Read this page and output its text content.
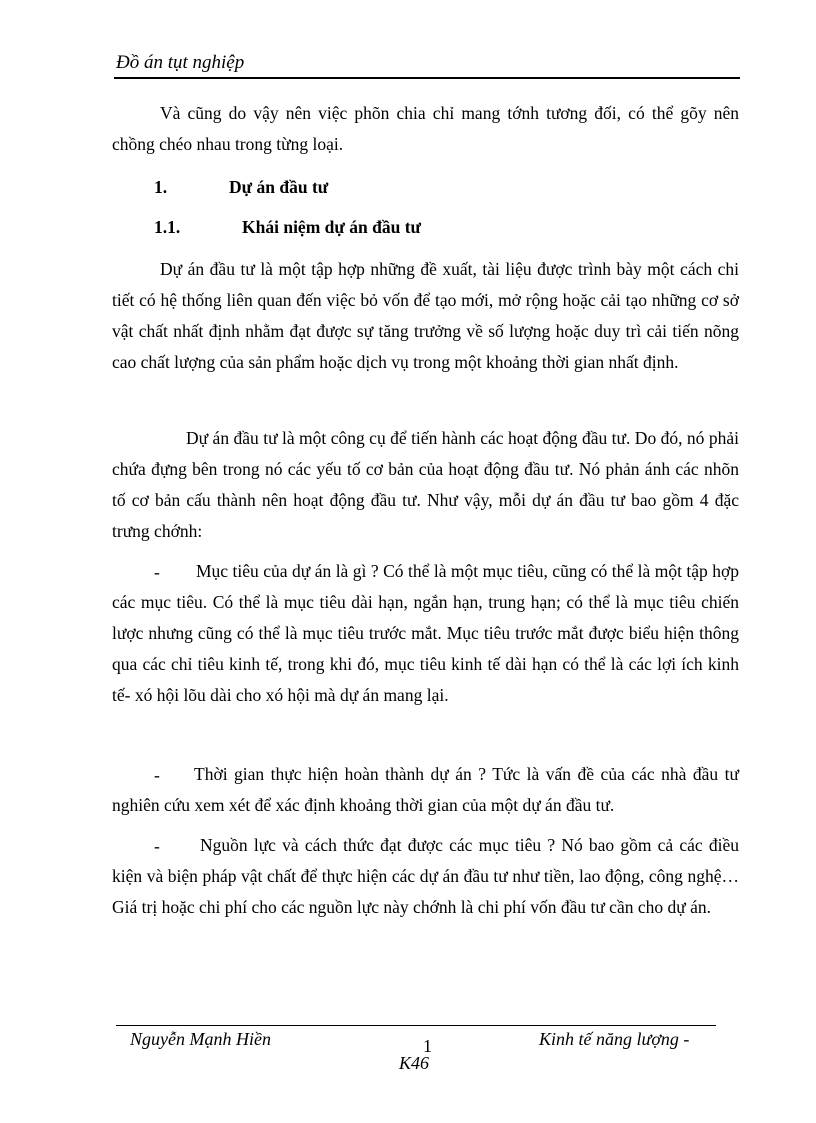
Đồ án tụt nghiệp
Và cũng do vậy nên việc phõn chia chỉ mang tớnh tương đối, có thể gõy nên chồng chéo nhau trong từng loại.
1.	Dự án đầu tư
1.1.	Khái niệm dự án đầu tư
Dự án đầu tư là một tập hợp những đề xuất, tài liệu được trình bày một cách chi tiết có hệ thống liên quan đến việc bỏ vốn để tạo mới, mở rộng hoặc cải tạo những cơ sở vật chất nhất định nhằm đạt được sự tăng trưởng về số lượng hoặc duy trì cải tiến nõng cao chất lượng của sản phẩm hoặc dịch vụ trong một khoảng thời gian nhất định.
Dự án đầu tư là một công cụ để tiến hành các hoạt động đầu tư. Do đó, nó phải chứa đựng bên trong nó các yếu tố cơ bản của hoạt động đầu tư. Nó phản ánh các nhõn tố cơ bản cấu thành nên hoạt động đầu tư. Như vậy, mỗi dự án đầu tư bao gồm 4 đặc trưng chớnh:
-	Mục tiêu của dự án là gì ? Có thể là một mục tiêu, cũng có thể là một tập hợp các mục tiêu. Có thể là mục tiêu dài hạn, ngắn hạn, trung hạn; có thể là mục tiêu chiến lược nhưng cũng có thể là mục tiêu trước mắt. Mục tiêu trước mắt được biểu hiện thông qua các chỉ tiêu kinh tế, trong khi đó, mục tiêu kinh tế dài hạn có thể là các lợi ích kinh tế- xó hội lõu dài cho xó hội mà dự án mang lại.
-	Thời gian thực hiện hoàn thành dự án ? Tức là vấn đề của các nhà đầu tư nghiên cứu xem xét để xác định khoảng thời gian của một dự án đầu tư.
-	Nguồn lực và cách thức đạt được các mục tiêu ? Nó bao gồm cả các điều kiện và biện pháp vật chất để thực hiện các dự án đầu tư như tiền, lao động, công nghệ… Giá trị hoặc chi phí cho các nguồn lực này chớnh là chi phí vốn đầu tư cần cho dự án.
Nguyễn Mạnh Hiền	1	Kinh tế năng lượng -
K46
